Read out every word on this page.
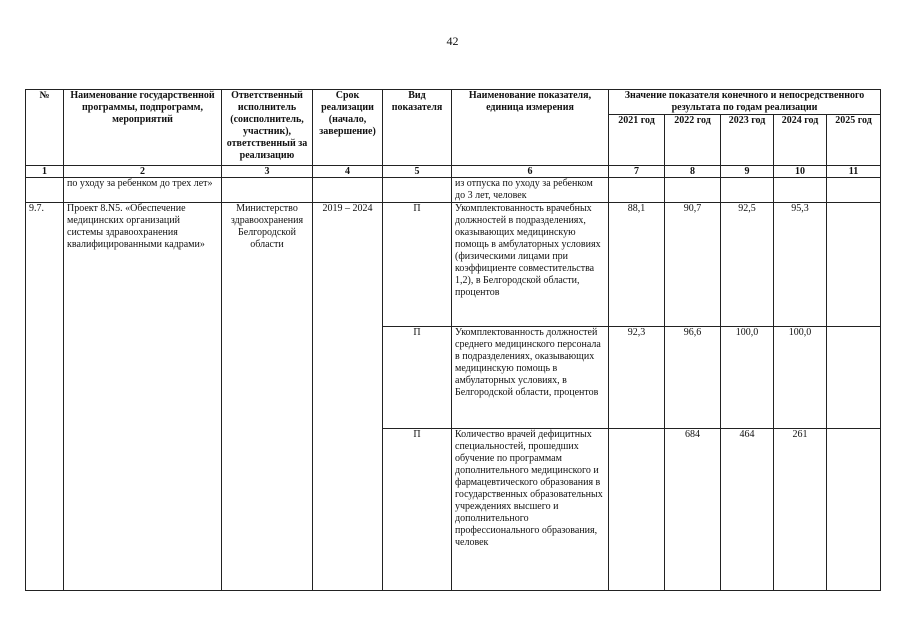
42
№	Наименование государственной программы, подпрограмм, мероприятий	Ответственный исполнитель (соисполнитель, участник), ответственный за реализацию	Срок реализации (начало, завершение)	Вид показателя	Наименование показателя, единица измерения	Значение показателя конечного и непосредственного результата по годам реализации				
						2021 год	2022 год	2023 год	2024 год	2025 год
1	2	3	4	5	6	7	8	9	10	11
	по уходу за ребенком до трех лет»				из отпуска по уходу за ребенком до 3 лет, человек					
9.7.	Проект 8.N5. «Обеспечение медицинских организаций системы здравоохранения квалифицированными кадрами»	Министерство здравоохранения Белгородской области	2019 – 2024	П	Укомплектованность врачебных должностей в подразделениях, оказывающих медицинскую помощь в амбулаторных условиях (физическими лицами при коэффициенте совместительства 1,2), в Белгородской области, процентов	88,1	90,7	92,5	95,3	
				П	Укомплектованность должностей среднего медицинского персонала в подразделениях, оказывающих медицинскую помощь в амбулаторных условиях, в Белгородской области, процентов	92,3	96,6	100,0	100,0	
				П	Количество врачей дефицитных специальностей, прошедших обучение по программам дополнительного медицинского и фармацевтического образования в государственных образовательных учреждениях высшего и дополнительного профессионального образования, человек		684	464	261	
